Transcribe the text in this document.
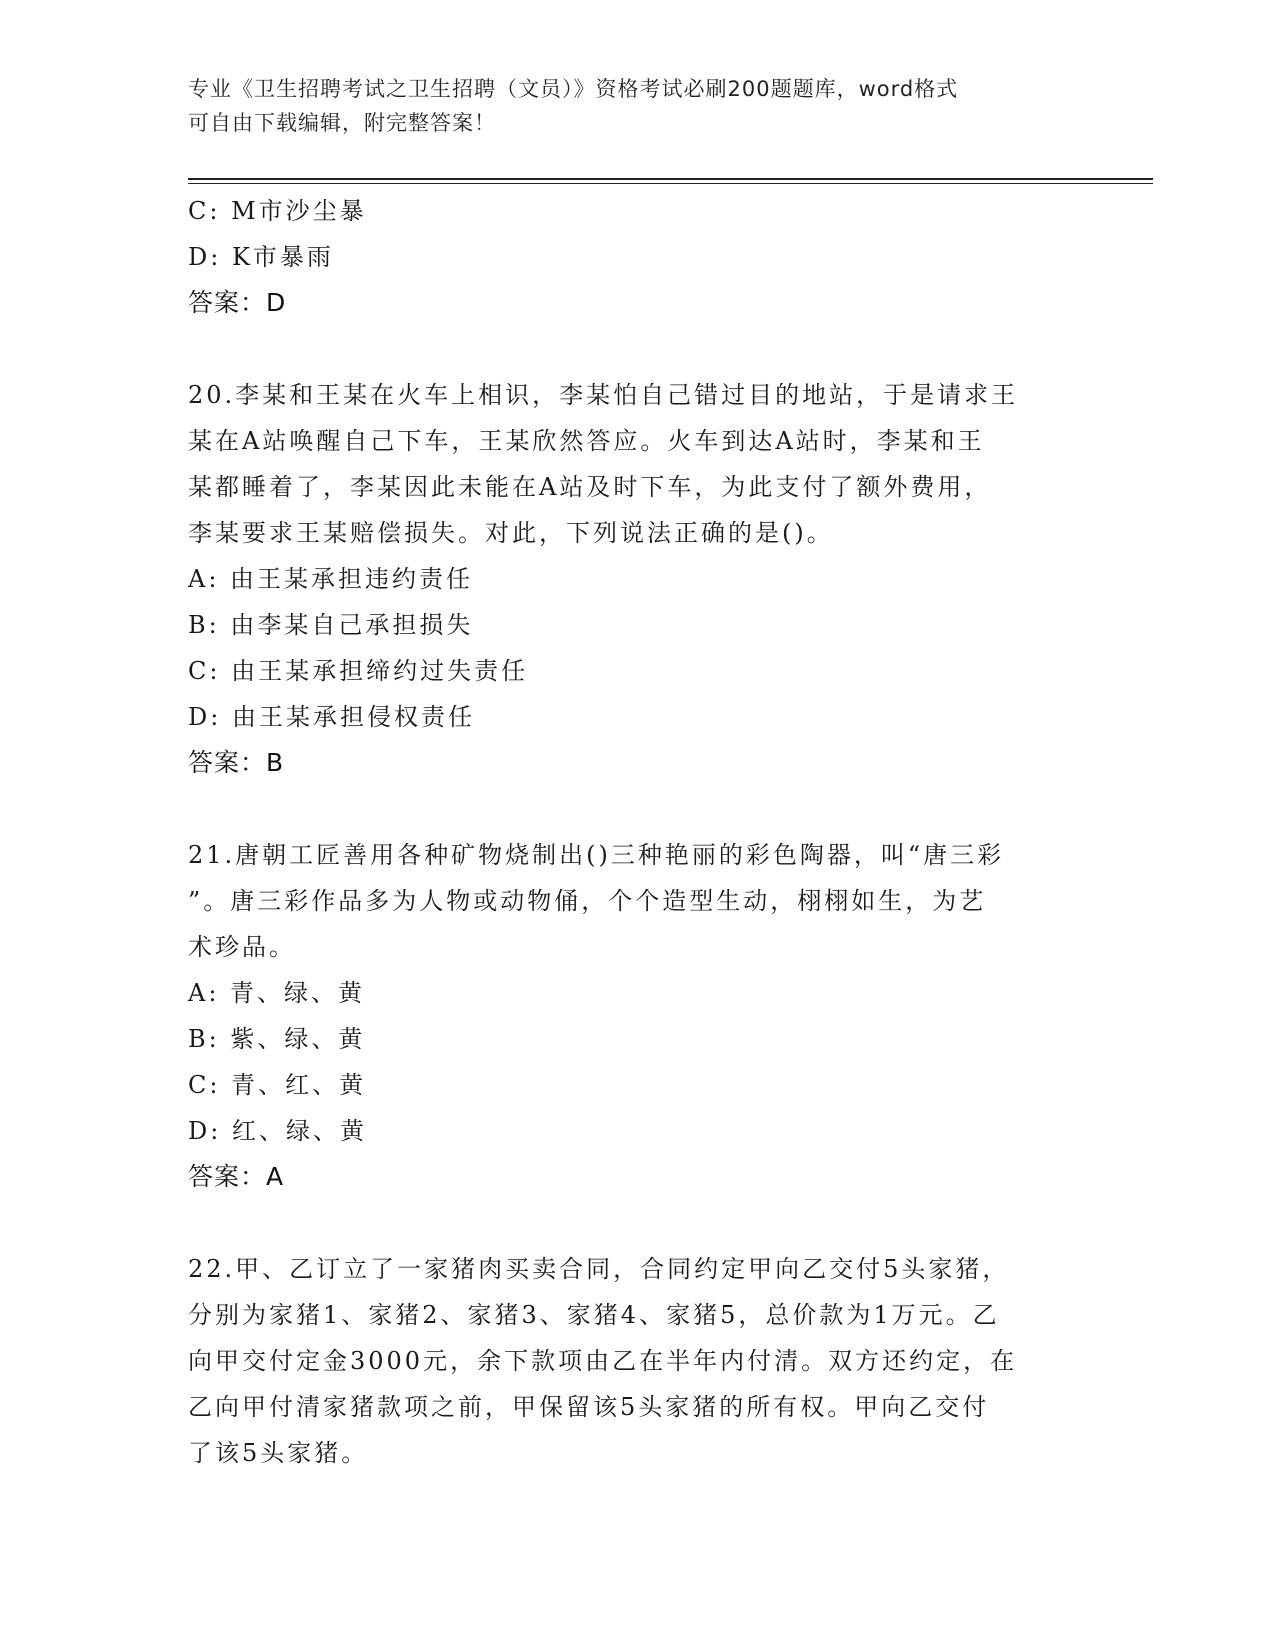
专业《卫生招聘考试之卫生招聘（文员）》资格考试必刷200题题库，word格式
可自由下载编辑，附完整答案！
C: M市沙尘暴
D: K市暴雨
答案：D
20.李某和王某在火车上相识，李某怕自己错过目的地站，于是请求王
某在A站唤醒自己下车，王某欣然答应。火车到达A站时，李某和王
某都睡着了，李某因此未能在A站及时下车，为此支付了额外费用，
李某要求王某赔偿损失。对此，下列说法正确的是()。
A: 由王某承担违约责任
B: 由李某自己承担损失
C: 由王某承担缔约过失责任
D: 由王某承担侵权责任
答案：B
21.唐朝工匠善用各种矿物烧制出()三种艳丽的彩色陶器，叫“唐三彩
”。唐三彩作品多为人物或动物俑，个个造型生动，栩栩如生，为艺
术珍品。
A: 青、绿、黄
B: 紫、绿、黄
C: 青、红、黄
D: 红、绿、黄
答案：A
22.甲、乙订立了一家猪肉买卖合同，合同约定甲向乙交付5头家猪，
分别为家猪1、家猪2、家猪3、家猪4、家猪5，总价款为1万元。乙
向甲交付定金3000元，余下款项由乙在半年内付清。双方还约定，在
乙向甲付清家猪款项之前，甲保留该5头家猪的所有权。甲向乙交付
了该5头家猪。
